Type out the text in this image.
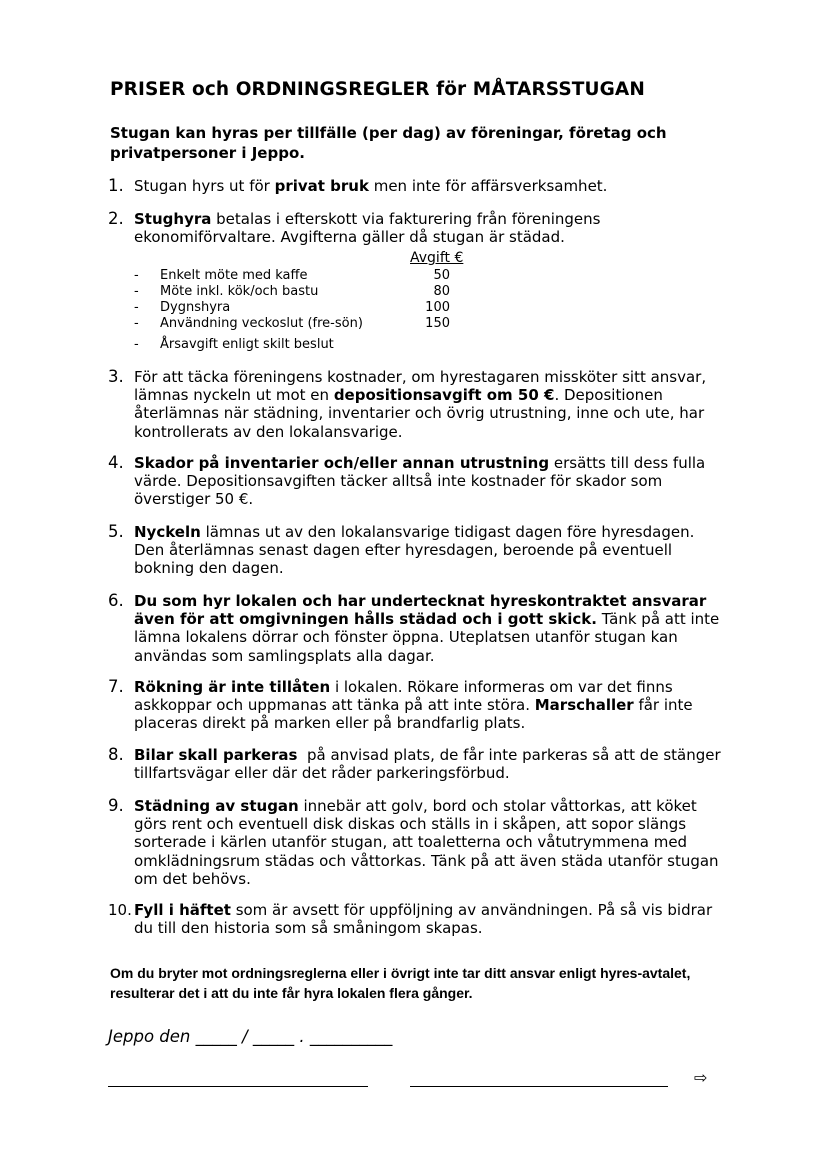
PRISER och ORDNINGSREGLER för MÅTARSSTUGAN
Stugan kan hyras per tillfälle (per dag) av föreningar, företag och privatpersoner i Jeppo.
1. Stugan hyrs ut för privat bruk men inte för affärsverksamhet.
2. Stughyra betalas i efterskott via fakturering från föreningens ekonomiförvaltare. Avgifterna gäller då stugan är städad.
Avgift €
- Enkelt möte med kaffe	50
- Möte inkl. kök/och bastu	80
- Dygnshyra	100
- Användning veckoslut (fre-sön)	150
- Årsavgift enligt skilt beslut
3. För att täcka föreningens kostnader, om hyrestagaren missköter sitt ansvar, lämnas nyckeln ut mot en depositionsavgift om 50 €. Depositionen återlämnas när städning, inventarier och övrig utrustning, inne och ute, har kontrollerats av den lokalansvarige.
4. Skador på inventarier och/eller annan utrustning ersätts till dess fulla värde. Depositionsavgiften täcker alltså inte kostnader för skador som överstiger 50 €.
5. Nyckeln lämnas ut av den lokalansvarige tidigast dagen före hyresdagen. Den återlämnas senast dagen efter hyresdagen, beroende på eventuell bokning den dagen.
6. Du som hyr lokalen och har undertecknat hyreskontraktet ansvarar även för att omgivningen hålls städad och i gott skick. Tänk på att inte lämna lokalens dörrar och fönster öppna. Uteplatsen utanför stugan kan användas som samlingsplats alla dagar.
7. Rökning är inte tillåten i lokalen. Rökare informeras om var det finns askkoppar och uppmanas att tänka på att inte störa. Marschaller får inte placeras direkt på marken eller på brandfarlig plats.
8. Bilar skall parkeras  på anvisad plats, de får inte parkeras så att de stänger tillfartsvägar eller där det råder parkeringsförbud.
9. Städning av stugan innebär att golv, bord och stolar våttorkas, att köket görs rent och eventuell disk diskas och ställs in i skåpen, att sopor slängs sorterade i kärlen utanför stugan, att toaletterna och våtutrymmena med omklädningsrum städas och våttorkas. Tänk på att även städa utanför stugan om det behövs.
10. Fyll i häftet som är avsett för uppföljning av användningen. På så vis bidrar du till den historia som så småningom skapas.
Om du bryter mot ordningsreglerna eller i övrigt inte tar ditt ansvar enligt hyres-avtalet, resulterar det i att du inte får hyra lokalen flera gånger.
Jeppo den _____ / _____ . __________
⇨
